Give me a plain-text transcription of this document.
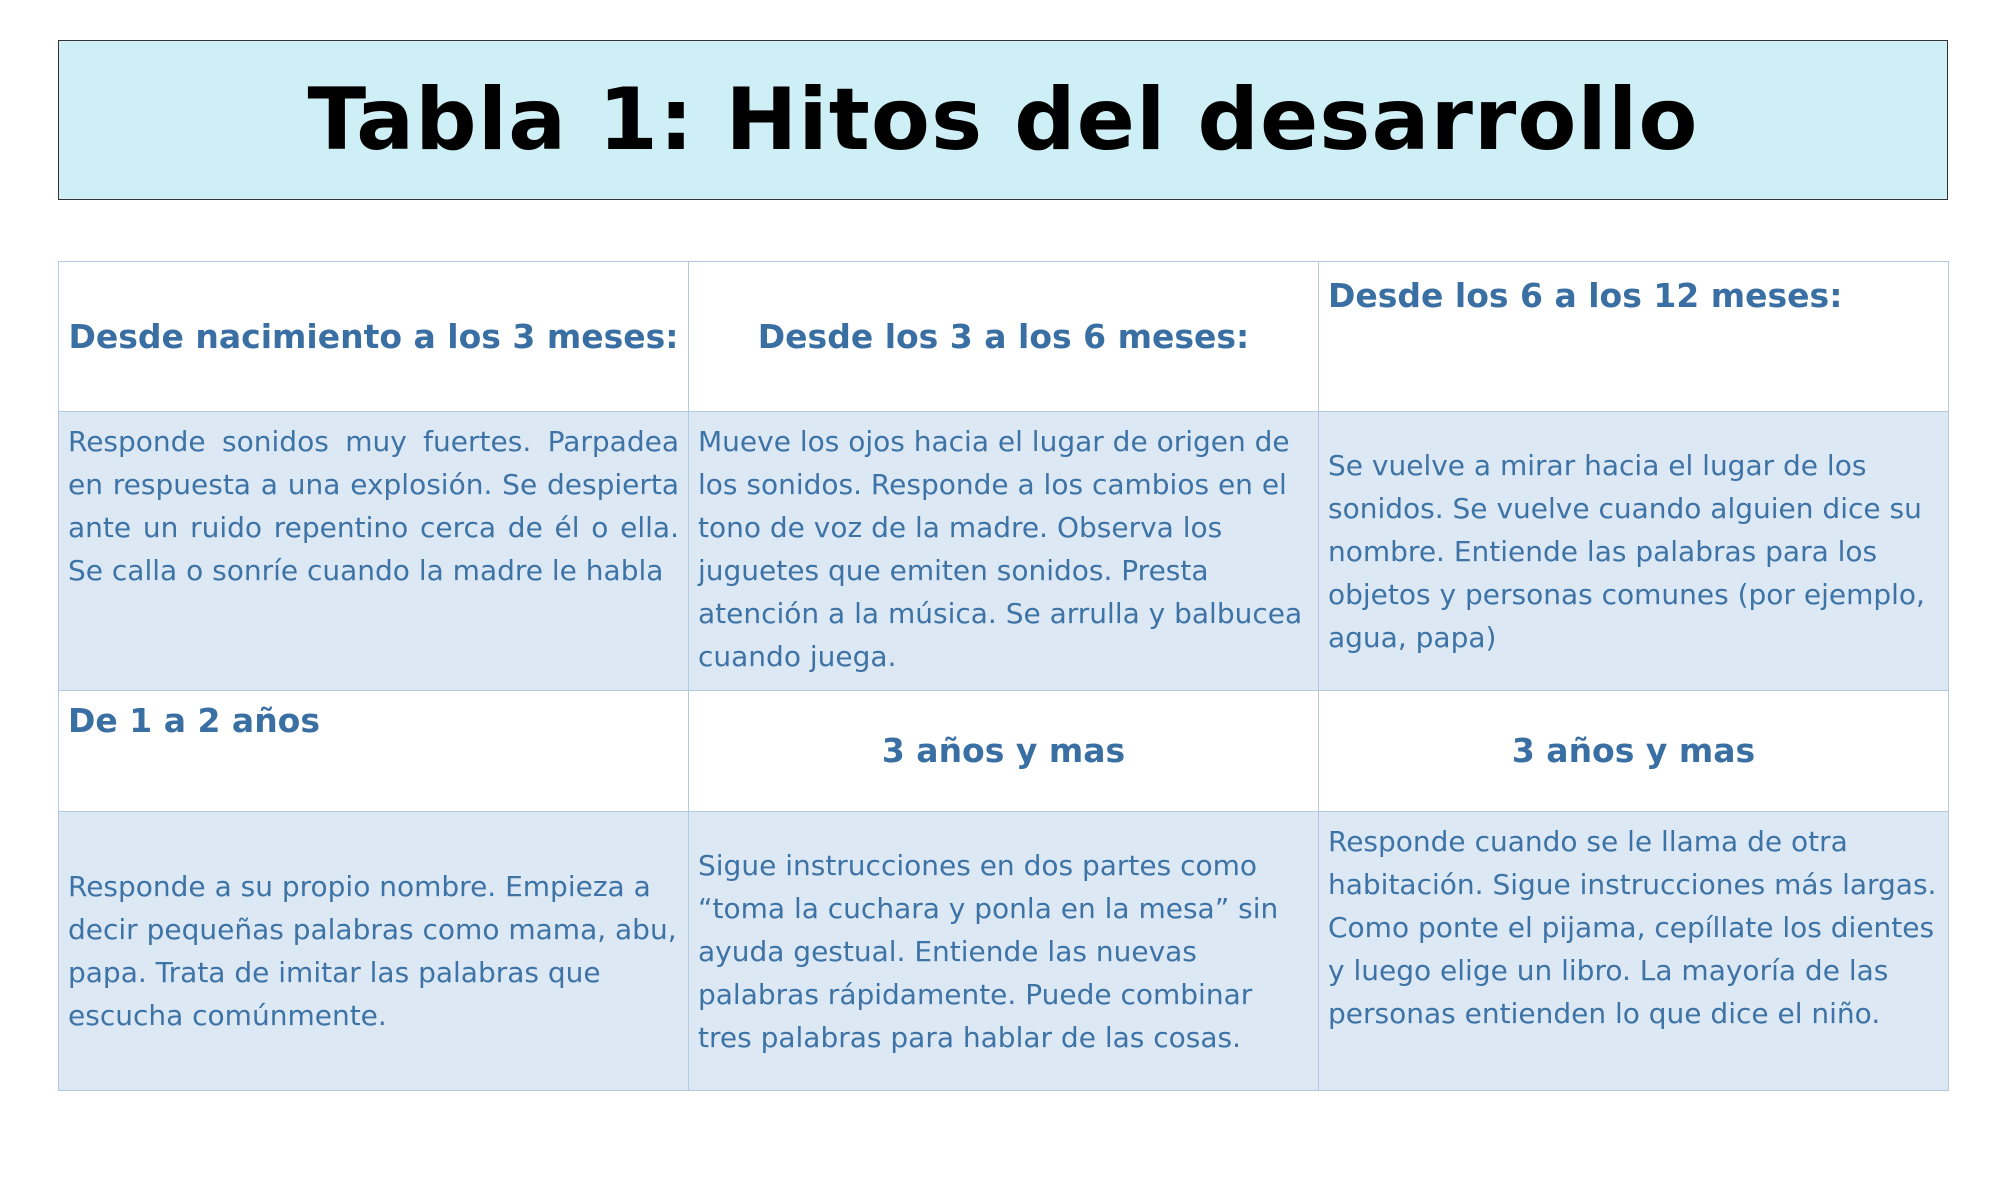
Tabla 1: Hitos del desarrollo
Desde nacimiento a los 3 meses:	Desde los 3 a los 6 meses:	Desde los 6 a los 12 meses:
Responde sonidos muy fuertes. Parpadea en respuesta a una explosión. Se despierta ante un ruido repentino cerca de él o ella. Se calla o sonríe cuando la madre le habla	Mueve los ojos hacia el lugar de origen de los sonidos. Responde a los cambios en el tono de voz de la madre. Observa los juguetes que emiten sonidos. Presta atención a la música. Se arrulla y balbucea cuando juega.	Se vuelve a mirar hacia el lugar de los sonidos. Se vuelve cuando alguien dice su nombre. Entiende las palabras para los objetos y personas comunes (por ejemplo, agua, papa)
De 1 a 2 años	3 años y mas	3 años y mas
Responde a su propio nombre. Empieza a decir pequeñas palabras como mama, abu, papa. Trata de imitar las palabras que escucha comúnmente.	Sigue instrucciones en dos partes como “toma la cuchara y ponla en la mesa” sin ayuda gestual. Entiende las nuevas palabras rápidamente. Puede combinar tres palabras para hablar de las cosas.	Responde cuando se le llama de otra habitación. Sigue instrucciones más largas. Como ponte el pijama, cepíllate los dientes y luego elige un libro. La mayoría de las personas entienden lo que dice el niño.
